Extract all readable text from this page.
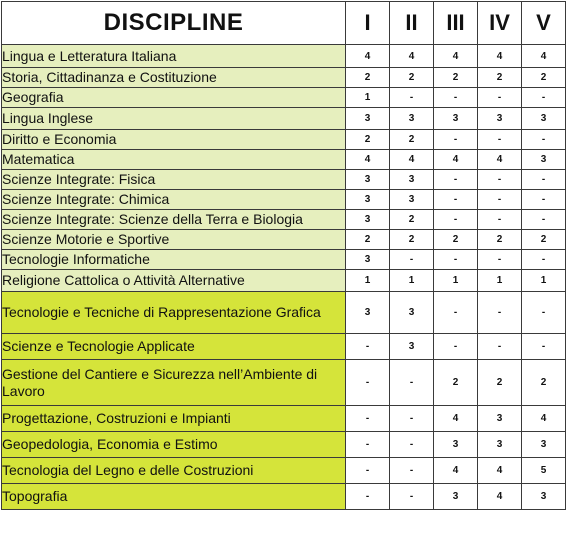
DISCIPLINE	I	II	III	IV	V
Lingua e Letteratura Italiana	4	4	4	4	4
Storia, Cittadinanza e Costituzione	2	2	2	2	2
Geografia	1	-	-	-	-
Lingua Inglese	3	3	3	3	3
Diritto e Economia	2	2	-	-	-
Matematica	4	4	4	4	3
Scienze Integrate: Fisica	3	3	-	-	-
Scienze Integrate: Chimica	3	3	-	-	-
Scienze Integrate: Scienze della Terra e Biologia	3	2	-	-	-
Scienze Motorie e Sportive	2	2	2	2	2
Tecnologie Informatiche	3	-	-	-	-
Religione Cattolica o Attività Alternative	1	1	1	1	1
Tecnologie e Tecniche di Rappresentazione Grafica	3	3	-	-	-
Scienze e Tecnologie Applicate	-	3	-	-	-
Gestione del Cantiere e Sicurezza nell’Ambiente di Lavoro	-	-	2	2	2
Progettazione, Costruzioni e Impianti	-	-	4	3	4
Geopedologia, Economia e Estimo	-	-	3	3	3
Tecnologia del Legno e delle Costruzioni	-	-	4	4	5
Topografia	-	-	3	4	3
